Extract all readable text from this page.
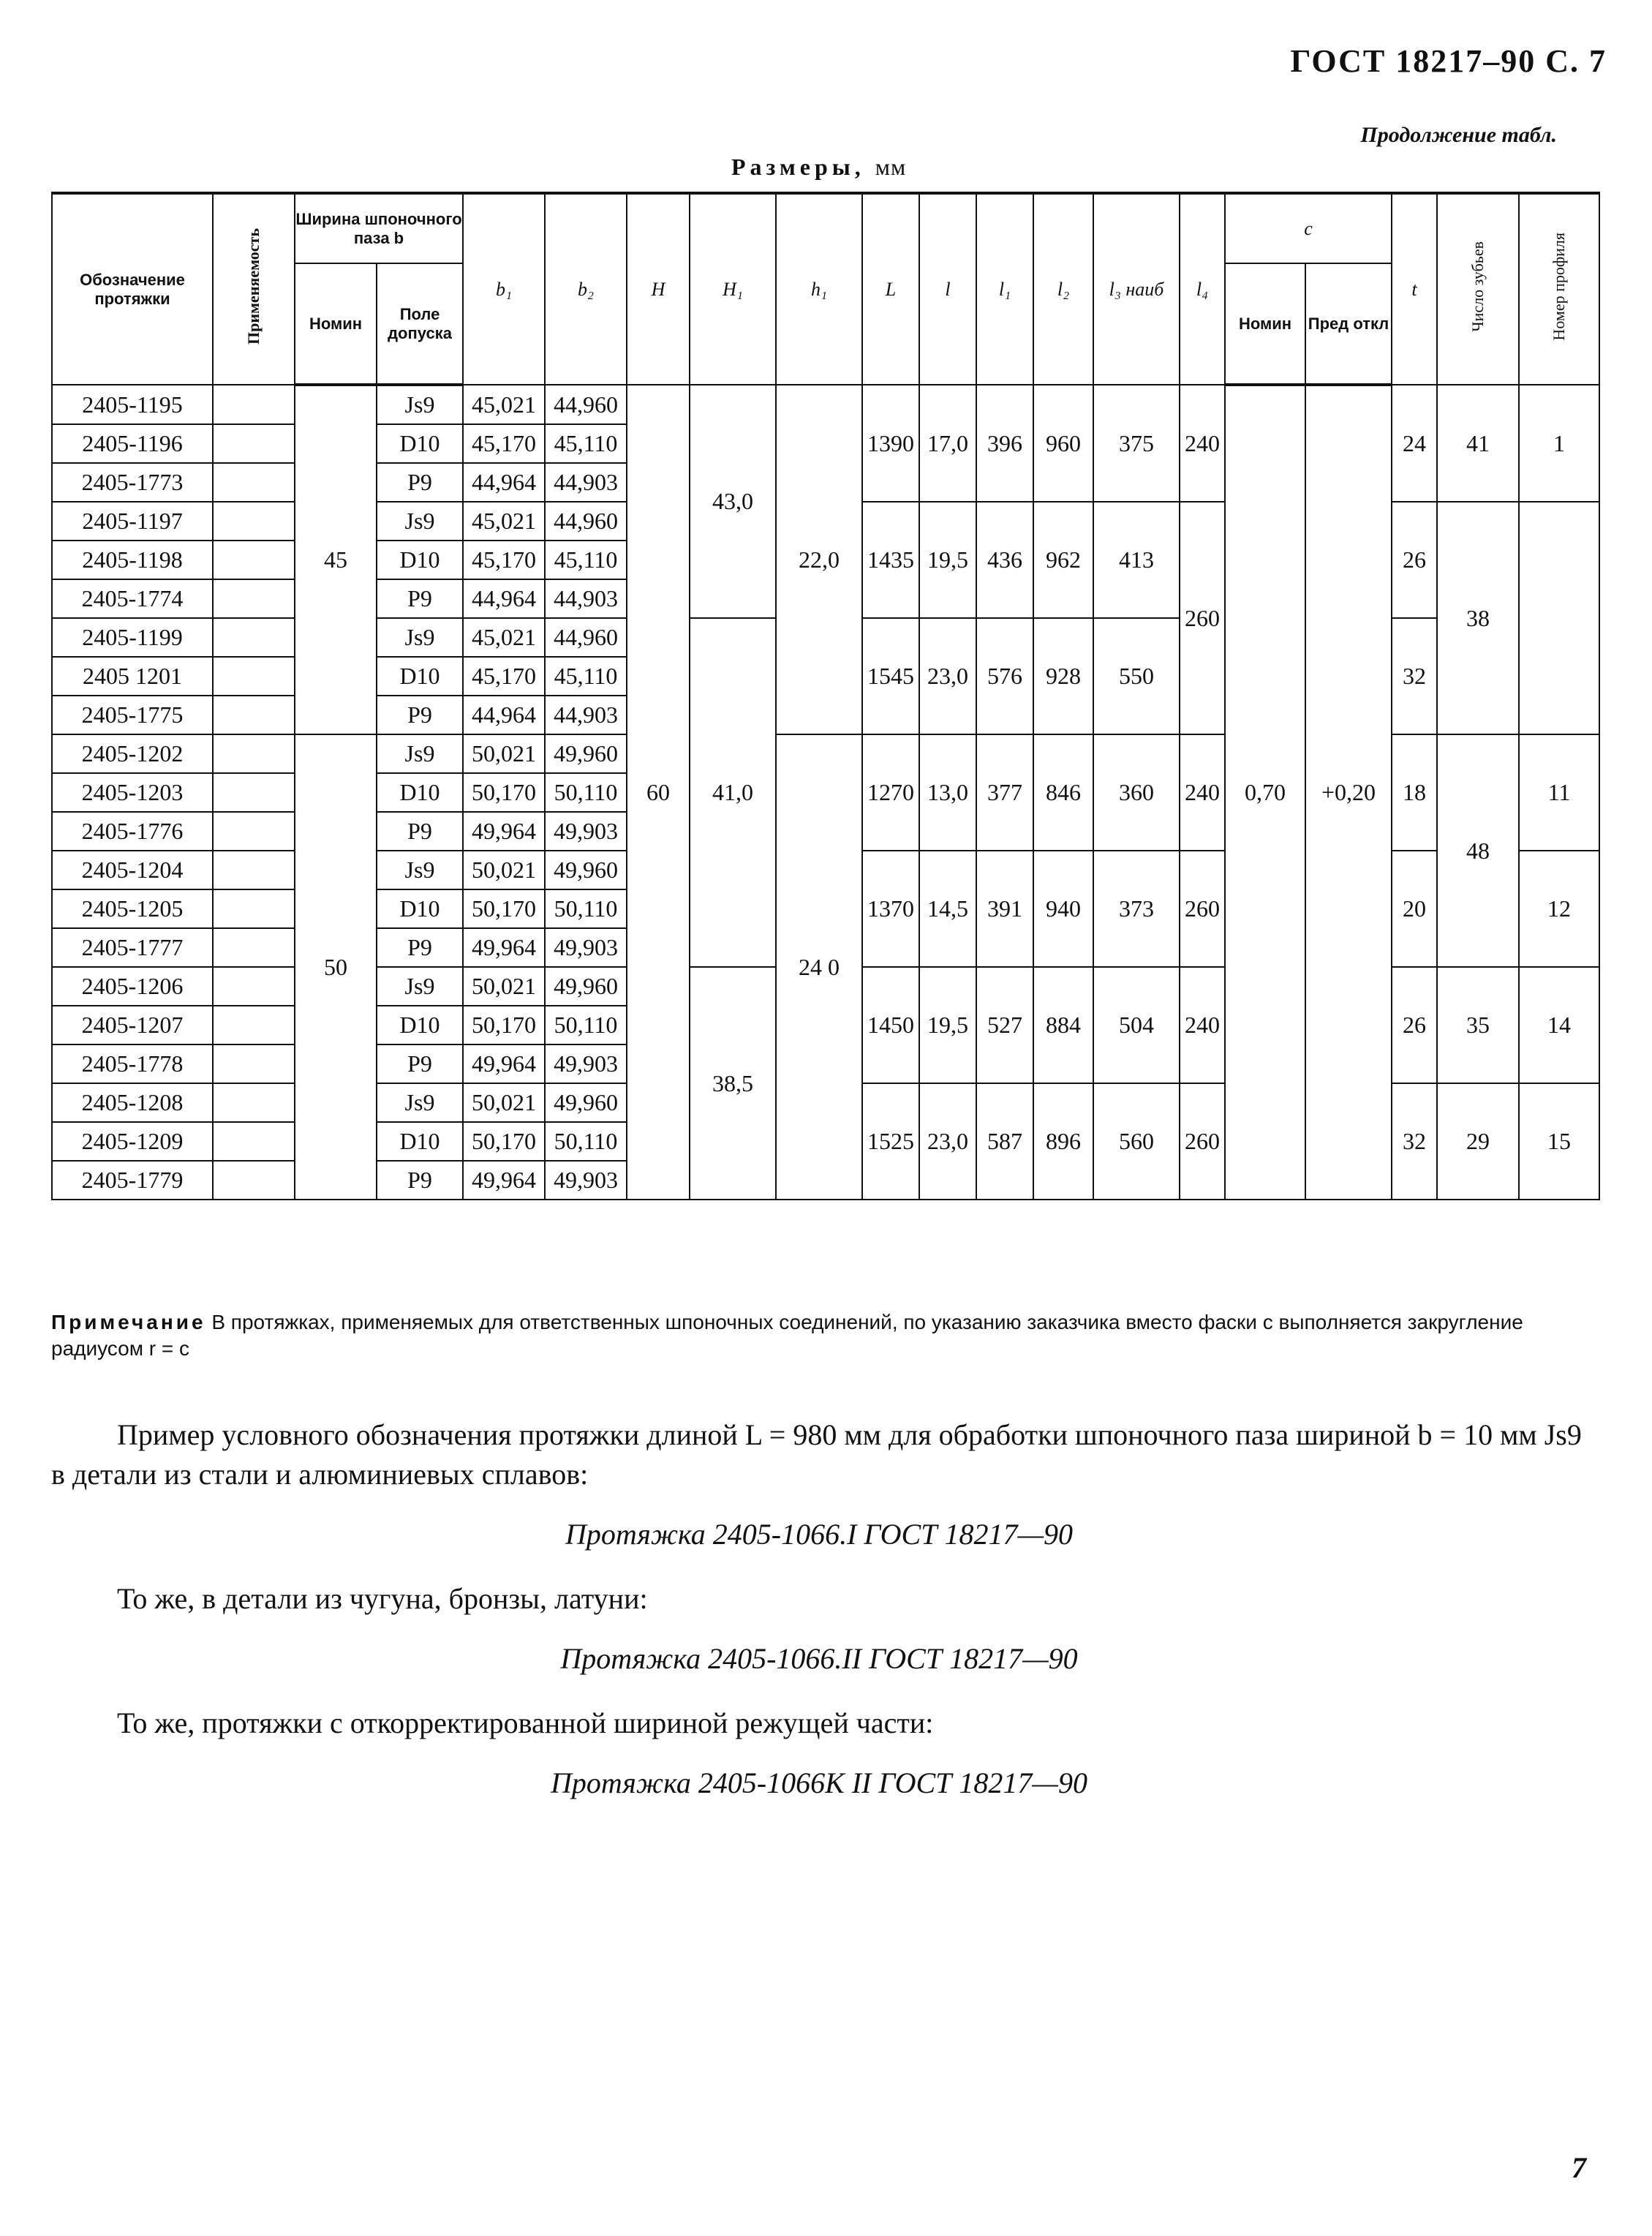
ГОСТ 18217–90 С. 7
Продолжение табл.
Размеры, мм
Обозначение протяжки	Применяемость	Ширина шпоночного паза b		b₁	b₂	H	H₁	h₁	L	l	l₁	l₂	l₃ наиб	l₄	c		t	Число зубьев	Номер профиля
		Номин	Поле допуска												Номин	Пред откл			
2405-1195		45	Js9	45,021	44,960	60	43,0	22,0	1390	17,0	396	960	375	240	0,70	+0,20	24	41	1
2405-1196			D10	45,170	45,110														
2405-1773			P9	44,964	44,903														
2405-1197			Js9	45,021	44,960				1435	19,5	436	962	413	260			26	38	
2405-1198			D10	45,170	45,110														
2405-1774			P9	44,964	44,903														
2405-1199			Js9	45,021	44,960		41,0		1545	23,0	576	928	550				32		
2405 1201			D10	45,170	45,110														
2405-1775			P9	44,964	44,903														
2405-1202		50	Js9	50,021	49,960			24 0	1270	13,0	377	846	360	240			18	48	11
2405-1203			D10	50,170	50,110														
2405-1776			P9	49,964	49,903														
2405-1204			Js9	50,021	49,960				1370	14,5	391	940	373	260			20		12
2405-1205			D10	50,170	50,110														
2405-1777			P9	49,964	49,903														
2405-1206			Js9	50,021	49,960		38,5		1450	19,5	527	884	504	240			26	35	14
2405-1207			D10	50,170	50,110														
2405-1778			P9	49,964	49,903														
2405-1208			Js9	50,021	49,960				1525	23,0	587	896	560	260			32	29	15
2405-1209			D10	50,170	50,110														
2405-1779			P9	49,964	49,903														
Примечание В протяжках, применяемых для ответственных шпоночных соединений, по указанию заказчика вместо фаски c выполняется закругление радиусом r = c

Пример условного обозначения протяжки длиной L = 980 мм для обработки шпоночного паза шириной b = 10 мм Js9 в детали из стали и алюминиевых сплавов:

Протяжка 2405-1066.I ГОСТ 18217—90

То же, в детали из чугуна, бронзы, латуни:

Протяжка 2405-1066.II ГОСТ 18217—90

То же, протяжки с откорректированной шириной режущей части:

Протяжка 2405-1066К II ГОСТ 18217—90

7
